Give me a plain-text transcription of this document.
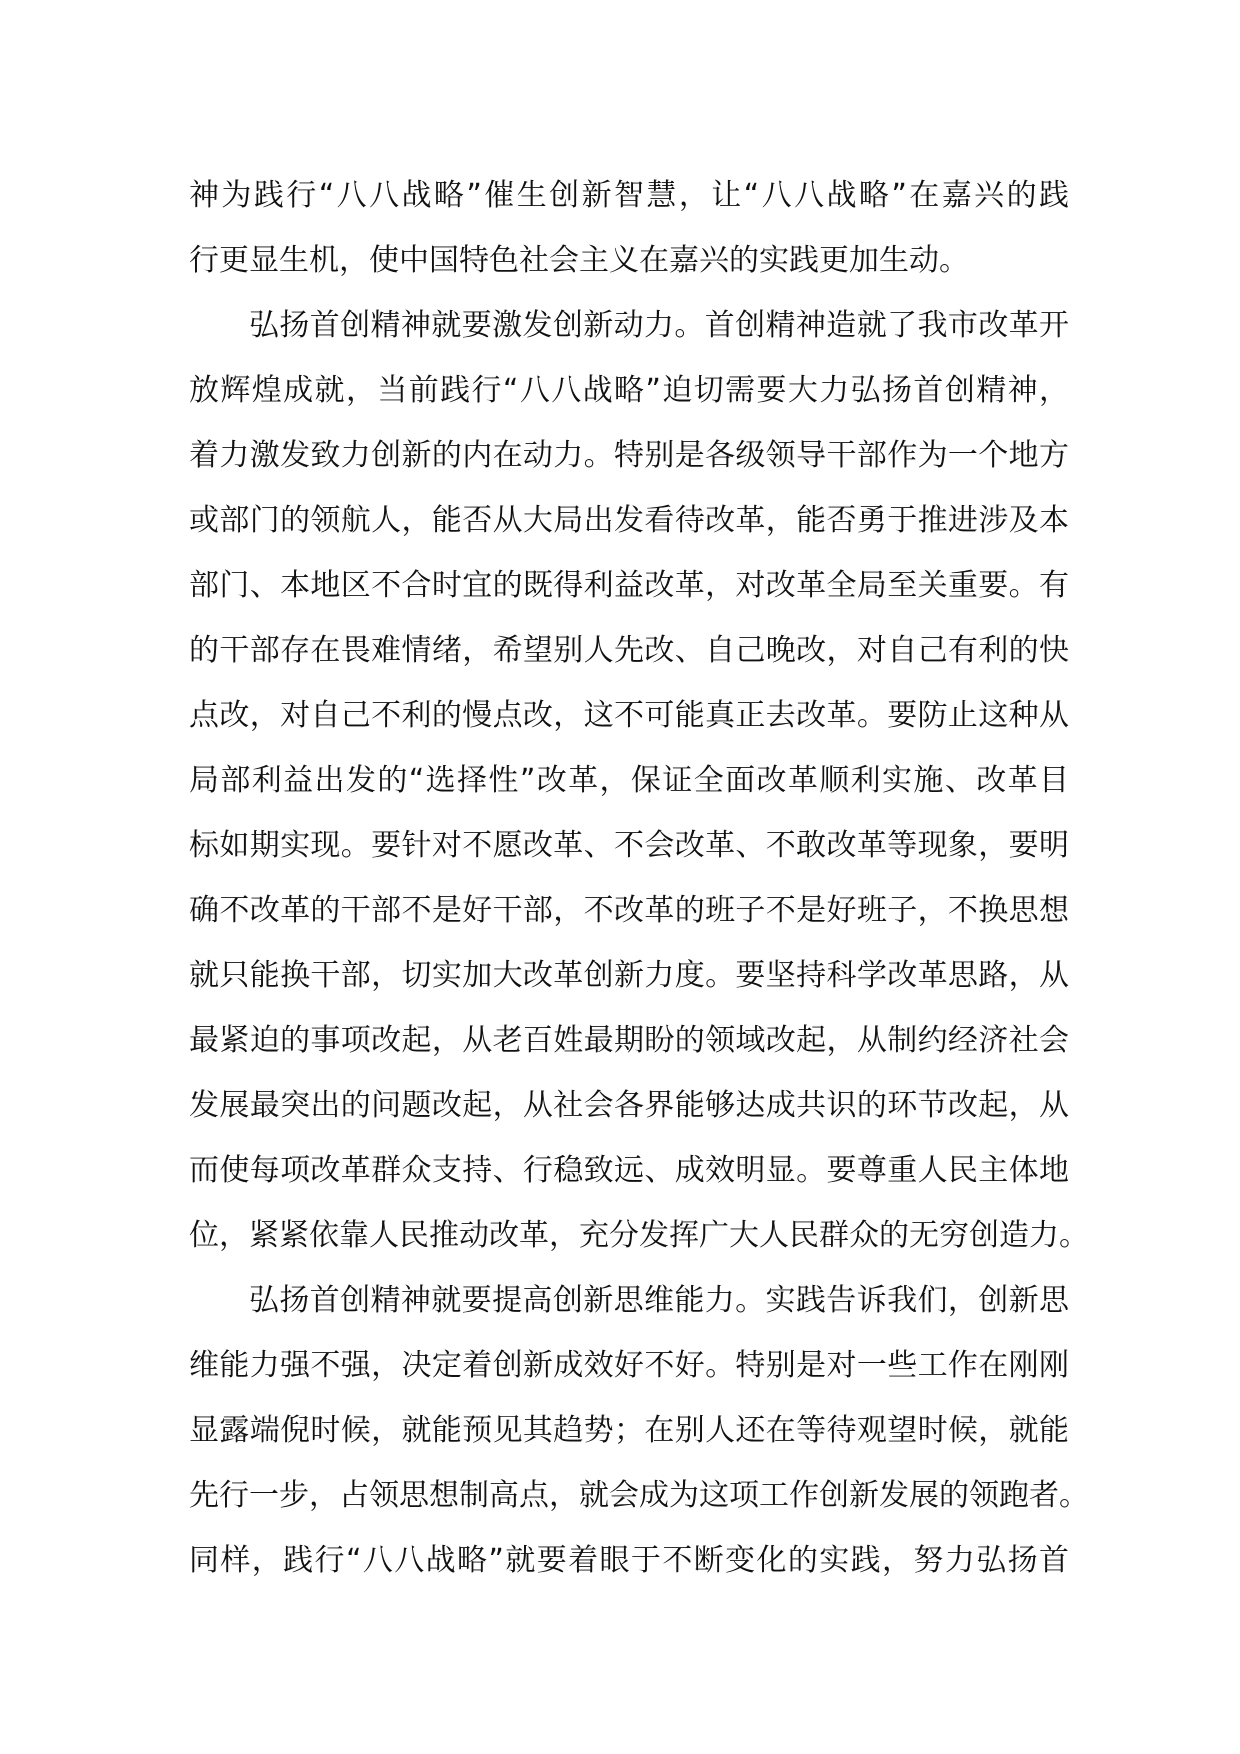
神为践行“八八战略”催生创新智慧，让“八八战略”在嘉兴的践
行更显生机，使中国特色社会主义在嘉兴的实践更加生动。
弘扬首创精神就要激发创新动力。首创精神造就了我市改革开
放辉煌成就，当前践行“八八战略”迫切需要大力弘扬首创精神，
着力激发致力创新的内在动力。特别是各级领导干部作为一个地方
或部门的领航人，能否从大局出发看待改革，能否勇于推进涉及本
部门、本地区不合时宜的既得利益改革，对改革全局至关重要。有
的干部存在畏难情绪，希望别人先改、自己晚改，对自己有利的快
点改，对自己不利的慢点改，这不可能真正去改革。要防止这种从
局部利益出发的“选择性”改革，保证全面改革顺利实施、改革目
标如期实现。要针对不愿改革、不会改革、不敢改革等现象，要明
确不改革的干部不是好干部，不改革的班子不是好班子，不换思想
就只能换干部，切实加大改革创新力度。要坚持科学改革思路，从
最紧迫的事项改起，从老百姓最期盼的领域改起，从制约经济社会
发展最突出的问题改起，从社会各界能够达成共识的环节改起，从
而使每项改革群众支持、行稳致远、成效明显。要尊重人民主体地
位，紧紧依靠人民推动改革，充分发挥广大人民群众的无穷创造力。
弘扬首创精神就要提高创新思维能力。实践告诉我们，创新思
维能力强不强，决定着创新成效好不好。特别是对一些工作在刚刚
显露端倪时候，就能预见其趋势；在别人还在等待观望时候，就能
先行一步，占领思想制高点，就会成为这项工作创新发展的领跑者。
同样，践行“八八战略”就要着眼于不断变化的实践，努力弘扬首
